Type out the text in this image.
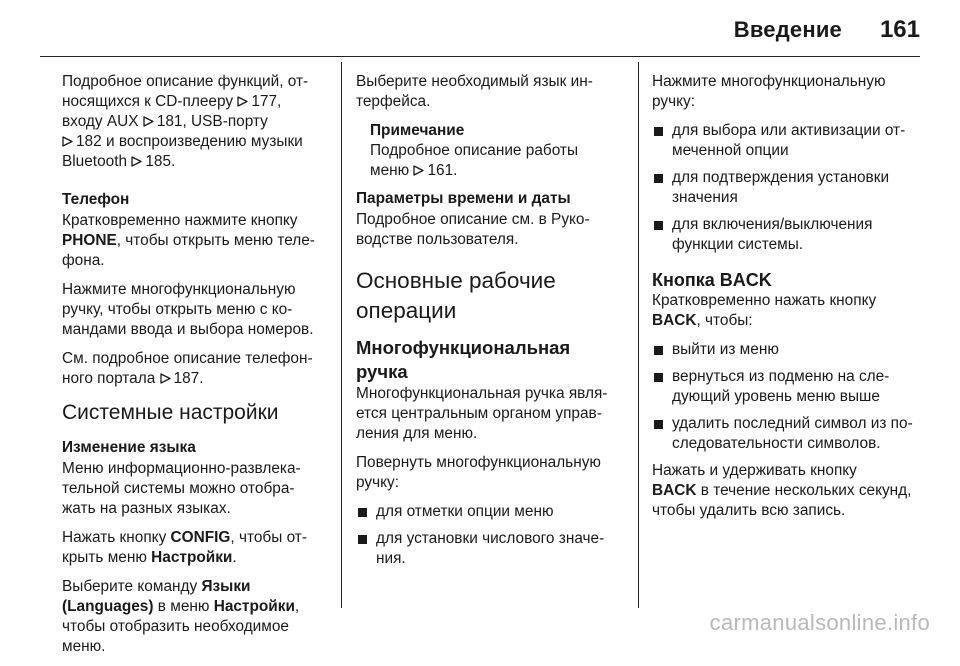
Введение 161

Подробное описание функций, от-
носящихся к CD-плееру 177,
входу AUX 181, USB-порту
182 и воспроизведению музыки
Bluetooth 185.

Телефон

Кратковременно нажмите кнопку
PHONE, чтобы открыть меню теле-
фона.

Нажмите многофункциональную
ручку, чтобы открыть меню с ко-
мандами ввода и выбора номеров.

См. подробное описание телефон-
ного портала 187.

Системные настройки
Изменение языка

Меню информационно-развлека-
тельной системы можно отобра-
жать на разных языках.

Нажать кнопку CONFIG, чтобы от-
крыть меню Настройки.

Выберите команду Языки
(Languages) в меню Настройки,
чтобы отобразить необходимое
меню.

Выберите необходимый язык ин-
терфейса.

Примечание
Подробное описание работы
меню 161.
Параметры времени и даты

Подробное описание см. в Руко-
водстве пользователя.

Основные рабочие
операции
Многофункциональная ручка

Многофункциональная ручка явля-
ется центральным органом управ-
ления для меню.

Повернуть многофункциональную
ручку:

для отметки опции меню
для установки числового значе-
ния.

Нажмите многофункциональную
ручку:

для выбора или активизации от-
меченной опции
для подтверждения установки
значения
для включения/выключения
функции системы.
Кнопка BACK

Кратковременно нажать кнопку
BACK, чтобы:

выйти из меню
вернуться из подменю на сле-
дующий уровень меню выше
удалить последний символ из по-
следовательности символов.

Нажать и удерживать кнопку
BACK в течение нескольких секунд,
чтобы удалить всю запись.

carmanualsonline.info
